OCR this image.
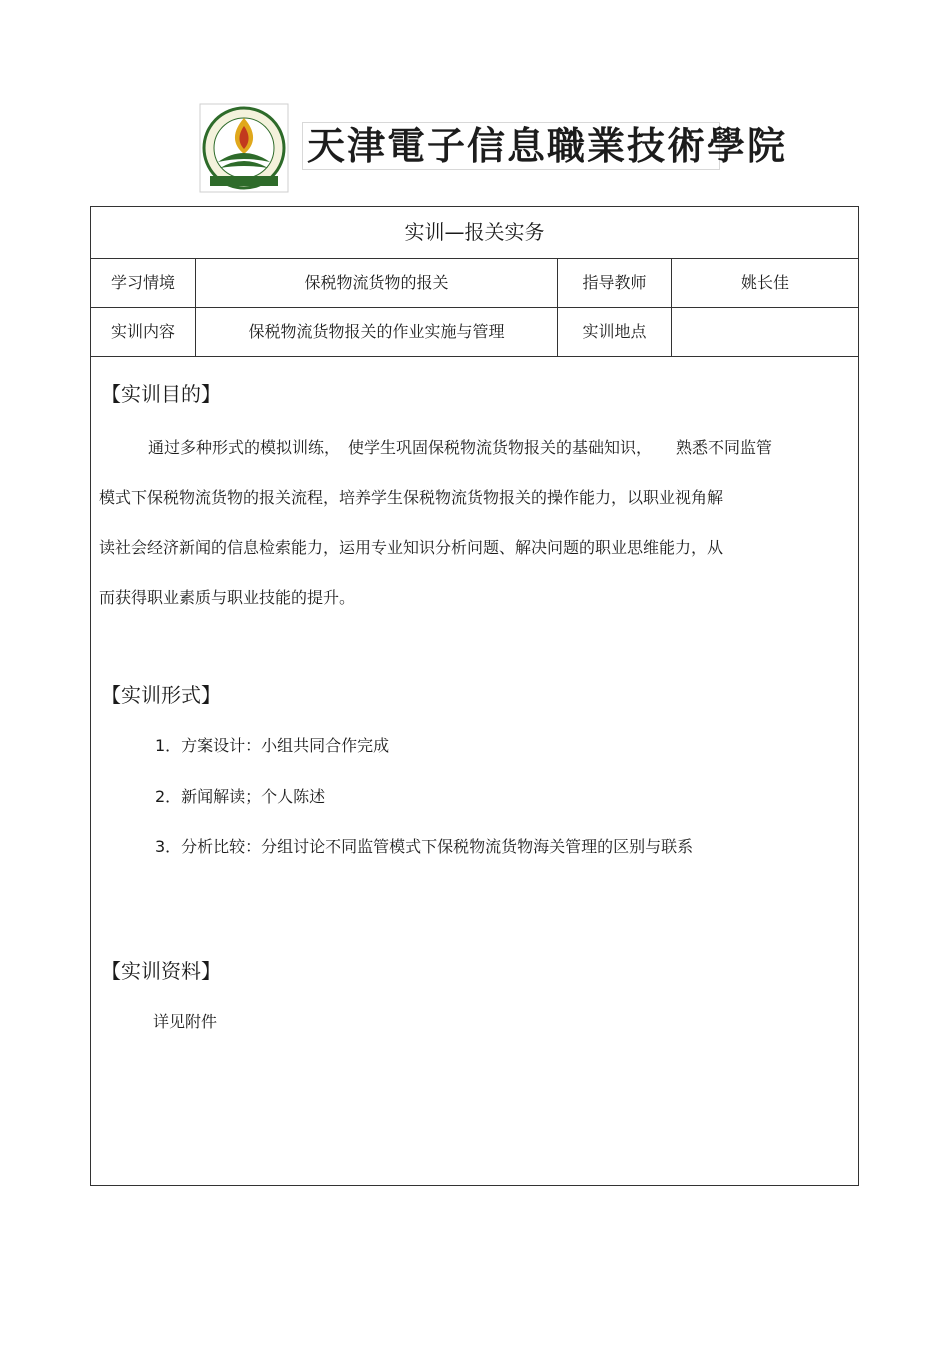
天津電子信息職業技術學院
实训—报关实务
学习情境	保税物流货物的报关	指导教师	姚长佳
实训内容	保税物流货物报关的作业实施与管理	实训地点
【实训目的】
通过多种形式的模拟训练，　使学生巩固保税物流货物报关的基础知识，　　熟悉不同监管
模式下保税物流货物的报关流程，培养学生保税物流货物报关的操作能力，以职业视角解
读社会经济新闻的信息检索能力，运用专业知识分析问题、解决问题的职业思维能力，从
而获得职业素质与职业技能的提升。
【实训形式】
1．方案设计：小组共同合作完成
2．新闻解读；个人陈述
3．分析比较：分组讨论不同监管模式下保税物流货物海关管理的区别与联系
【实训资料】
详见附件
